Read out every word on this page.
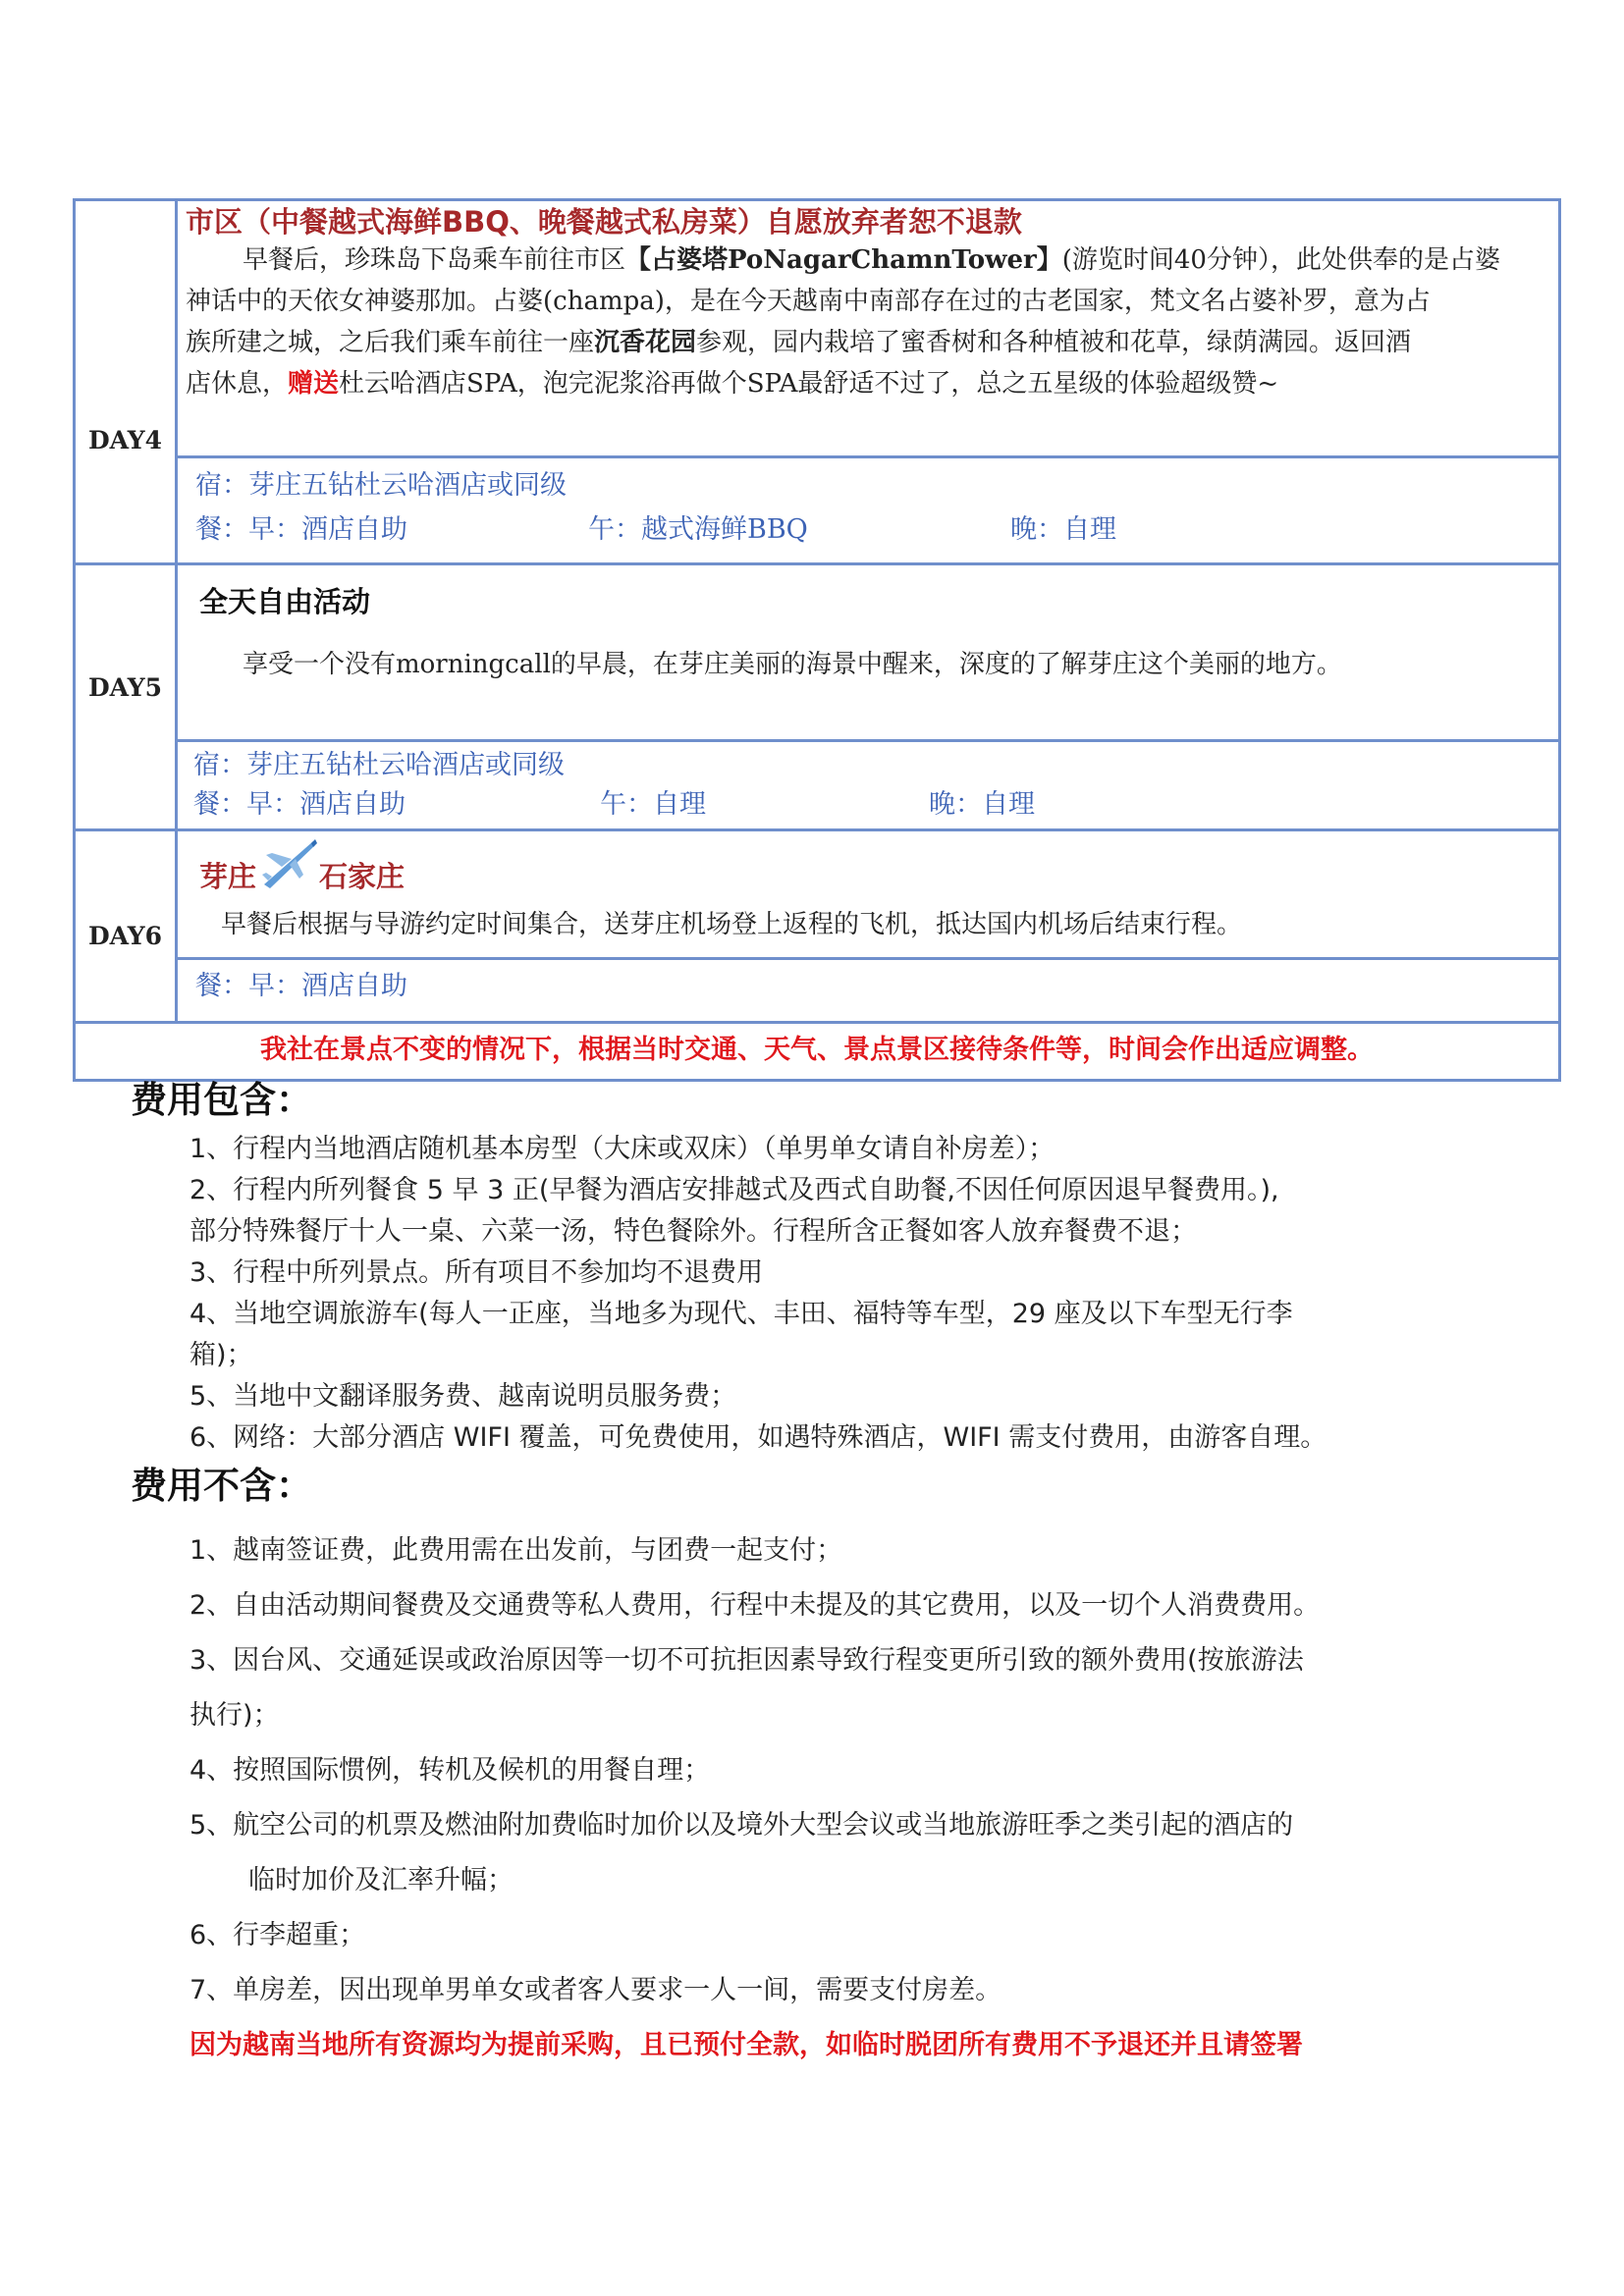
DAY4
市区（中餐越式海鲜BBQ、晚餐越式私房菜）自愿放弃者恕不退款
早餐后，珍珠岛下岛乘车前往市区【占婆塔PoNagarChamnTower】(游览时间40分钟），此处供奉的是占婆
神话中的天依女神婆那加。占婆(champa)，是在今天越南中南部存在过的古老国家，梵文名占婆补罗，意为占
族所建之城，之后我们乘车前往一座沉香花园参观，园内栽培了蜜香树和各种植被和花草，绿荫满园。返回酒
店休息，赠送杜云哈酒店SPA，泡完泥浆浴再做个SPA最舒适不过了，总之五星级的体验超级赞~
宿：芽庄五钻杜云哈酒店或同级
餐：早：酒店自助	午：越式海鲜BBQ	晚：自理
DAY5
全天自由活动
享受一个没有morningcall的早晨，在芽庄美丽的海景中醒来，深度的了解芽庄这个美丽的地方。
宿：芽庄五钻杜云哈酒店或同级
餐：早：酒店自助	午：自理	晚：自理
DAY6
芽庄 石家庄
早餐后根据与导游约定时间集合，送芽庄机场登上返程的飞机，抵达国内机场后结束行程。
餐：早：酒店自助
我社在景点不变的情况下，根据当时交通、天气、景点景区接待条件等，时间会作出适应调整。
费用包含：
1、行程内当地酒店随机基本房型（大床或双床）（单男单女请自补房差）；
2、行程内所列餐食 5 早 3 正(早餐为酒店安排越式及西式自助餐,不因任何原因退早餐费用。),
部分特殊餐厅十人一桌、六菜一汤，特色餐除外。行程所含正餐如客人放弃餐费不退；
3、行程中所列景点。所有项目不参加均不退费用
4、当地空调旅游车(每人一正座，当地多为现代、丰田、福特等车型，29 座及以下车型无行李
箱)；
5、当地中文翻译服务费、越南说明员服务费；
6、网络：大部分酒店 WIFI 覆盖，可免费使用，如遇特殊酒店，WIFI 需支付费用，由游客自理。
费用不含：
1、越南签证费，此费用需在出发前，与团费一起支付；
2、自由活动期间餐费及交通费等私人费用，行程中未提及的其它费用，以及一切个人消费费用。
3、因台风、交通延误或政治原因等一切不可抗拒因素导致行程变更所引致的额外费用(按旅游法
执行)；
4、按照国际惯例，转机及候机的用餐自理；
5、航空公司的机票及燃油附加费临时加价以及境外大型会议或当地旅游旺季之类引起的酒店的
临时加价及汇率升幅；
6、行李超重；
7、单房差，因出现单男单女或者客人要求一人一间，需要支付房差。
因为越南当地所有资源均为提前采购，且已预付全款，如临时脱团所有费用不予退还并且请签署
